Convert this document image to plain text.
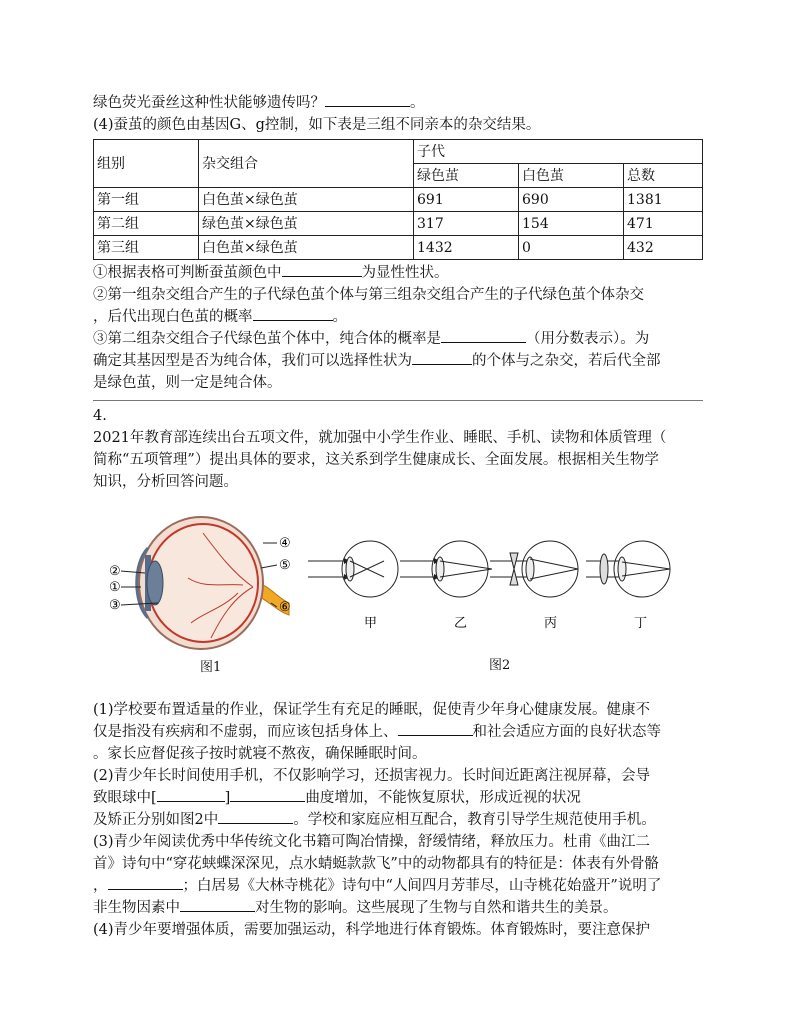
绿色荧光蚕丝这种性状能够遗传吗？	。

(4)蚕茧的颜色由基因G、g控制，如下表是三组不同亲本的杂交结果。

组别	杂交组合	子代		
		绿色茧	白色茧	总数
第一组	白色茧×绿色茧	691	690	1381
第二组	绿色茧×绿色茧	317	154	471
第三组	白色茧×绿色茧	1432	0	432

①根据表格可判断蚕茧颜色中	为显性性状。

②第一组杂交组合产生的子代绿色茧个体与第三组杂交组合产生的子代绿色茧个体杂交

，后代出现白色茧的概率	。

③第二组杂交组合子代绿色茧个体中，纯合体的概率是	（用分数表示）。为

确定其基因型是否为纯合体，我们可以选择性状为	的个体与之杂交，若后代全部

是绿色茧，则一定是纯合体。

4.

2021年教育部连续出台五项文件，就加强中小学生作业、睡眠、手机、读物和体质管理（

简称“五项管理”）提出具体的要求，这关系到学生健康成长、全面发展。根据相关生物学

知识，分析回答问题。

②
①
③
④
⑤
⑥
甲	乙	丙	丁
图1	图2

(1)学校要布置适量的作业，保证学生有充足的睡眠，促使青少年身心健康发展。健康不

仅是指没有疾病和不虚弱，而应该包括身体上、	和社会适应方面的良好状态等

。家长应督促孩子按时就寝不熬夜，确保睡眠时间。

(2)青少年长时间使用手机，不仅影响学习，还损害视力。长时间近距离注视屏幕，会导

致眼球中[	]	曲度增加，不能恢复原状，形成近视的状况

及矫正分别如图2中	。学校和家庭应相互配合，教育引导学生规范使用手机。

(3)青少年阅读优秀中华传统文化书籍可陶冶情操，舒缓情绪，释放压力。杜甫《曲江二

首》诗句中“穿花蛱蝶深深见，点水蜻蜓款款飞”中的动物都具有的特征是：体表有外骨骼

，	；白居易《大林寺桃花》诗句中“人间四月芳菲尽，山寺桃花始盛开”说明了

非生物因素中	对生物的影响。这些展现了生物与自然和谐共生的美景。

(4)青少年要增强体质，需要加强运动，科学地进行体育锻炼。体育锻炼时，要注意保护
